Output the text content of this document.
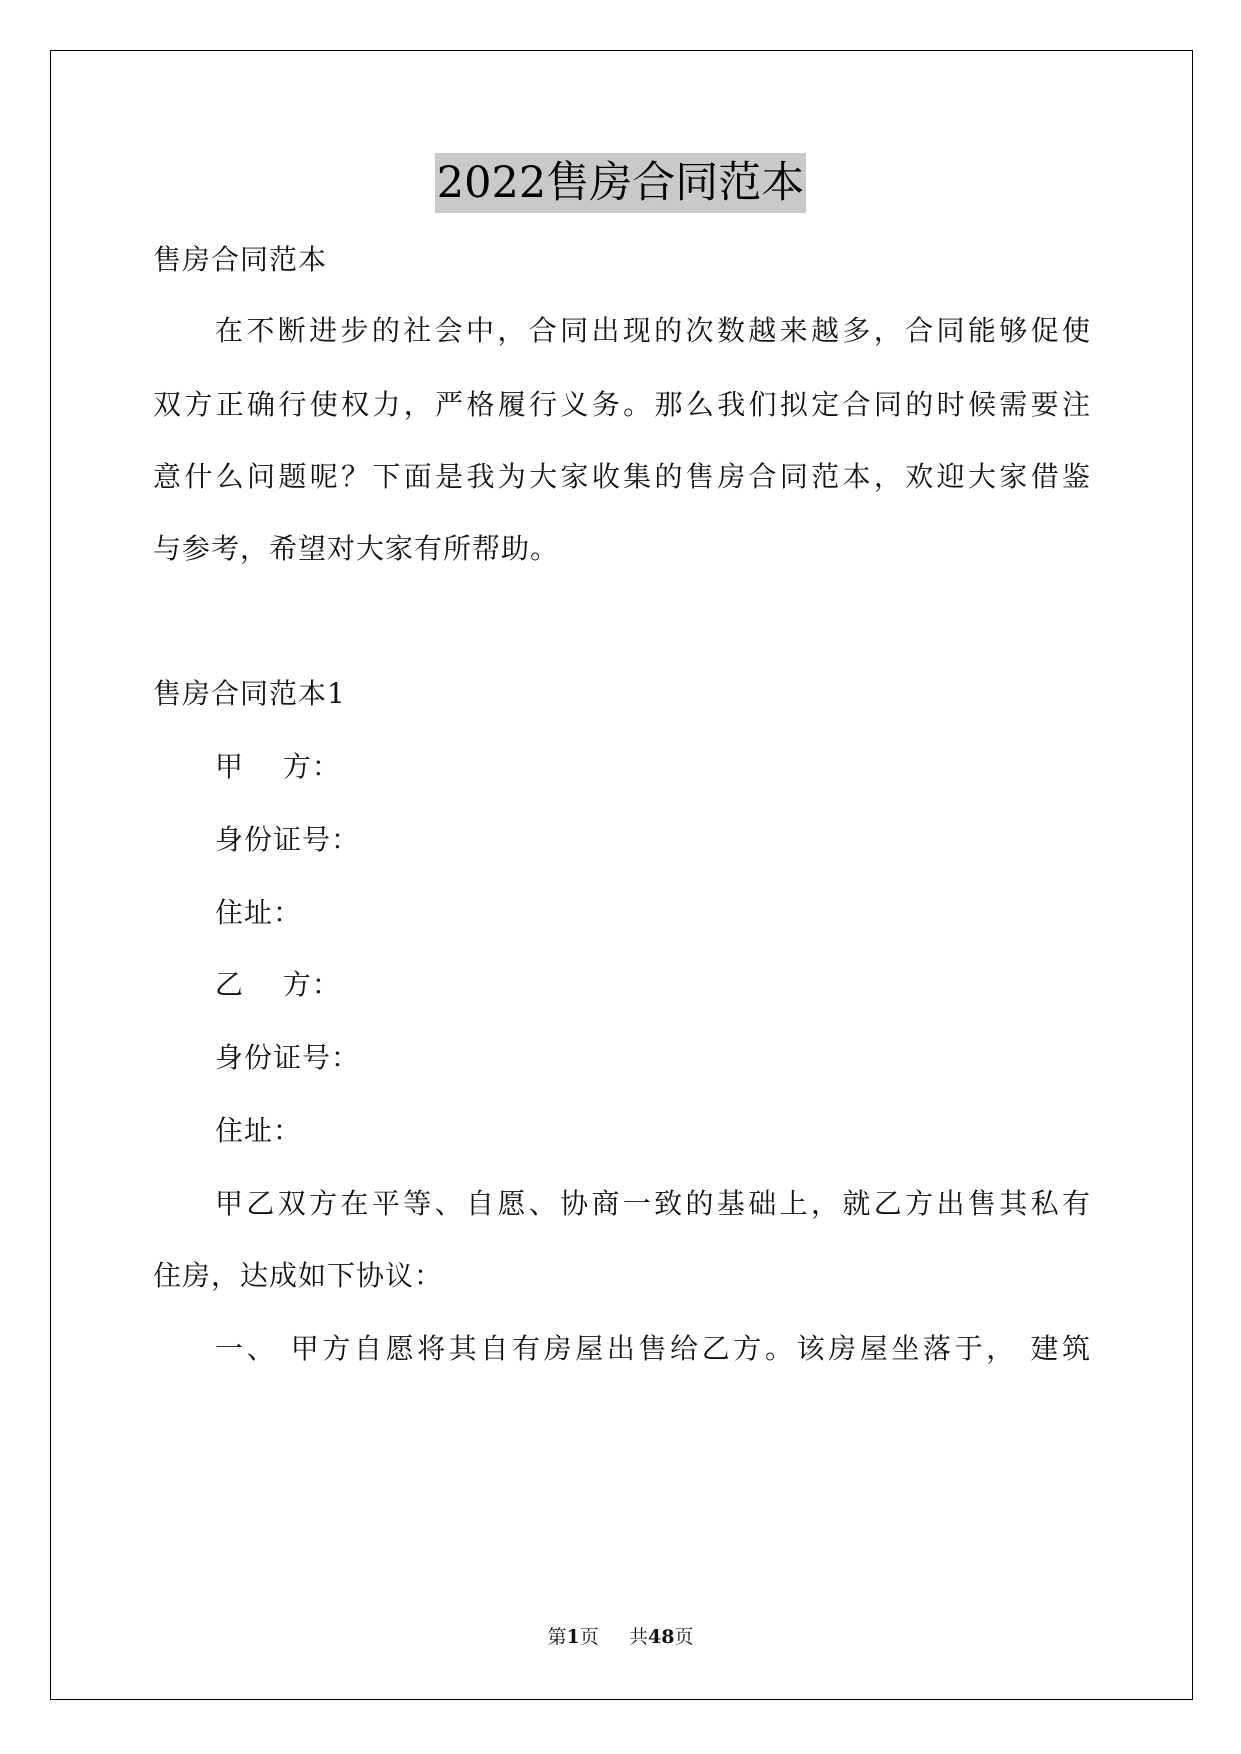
2022售房合同范本
售房合同范本
在不断进步的社会中，合同出现的次数越来越多，合同能够促使
双方正确行使权力，严格履行义务。那么我们拟定合同的时候需要注
意什么问题呢？下面是我为大家收集的售房合同范本，欢迎大家借鉴
与参考，希望对大家有所帮助。
售房合同范本1
甲　 方：
身份证号：
住址：
乙　 方：
身份证号：
住址：
甲乙双方在平等、自愿、协商一致的基础上，就乙方出售其私有
住房，达成如下协议：
一、 甲方自愿将其自有房屋出售给乙方。该房屋坐落于， 建筑
第1页 共48页
